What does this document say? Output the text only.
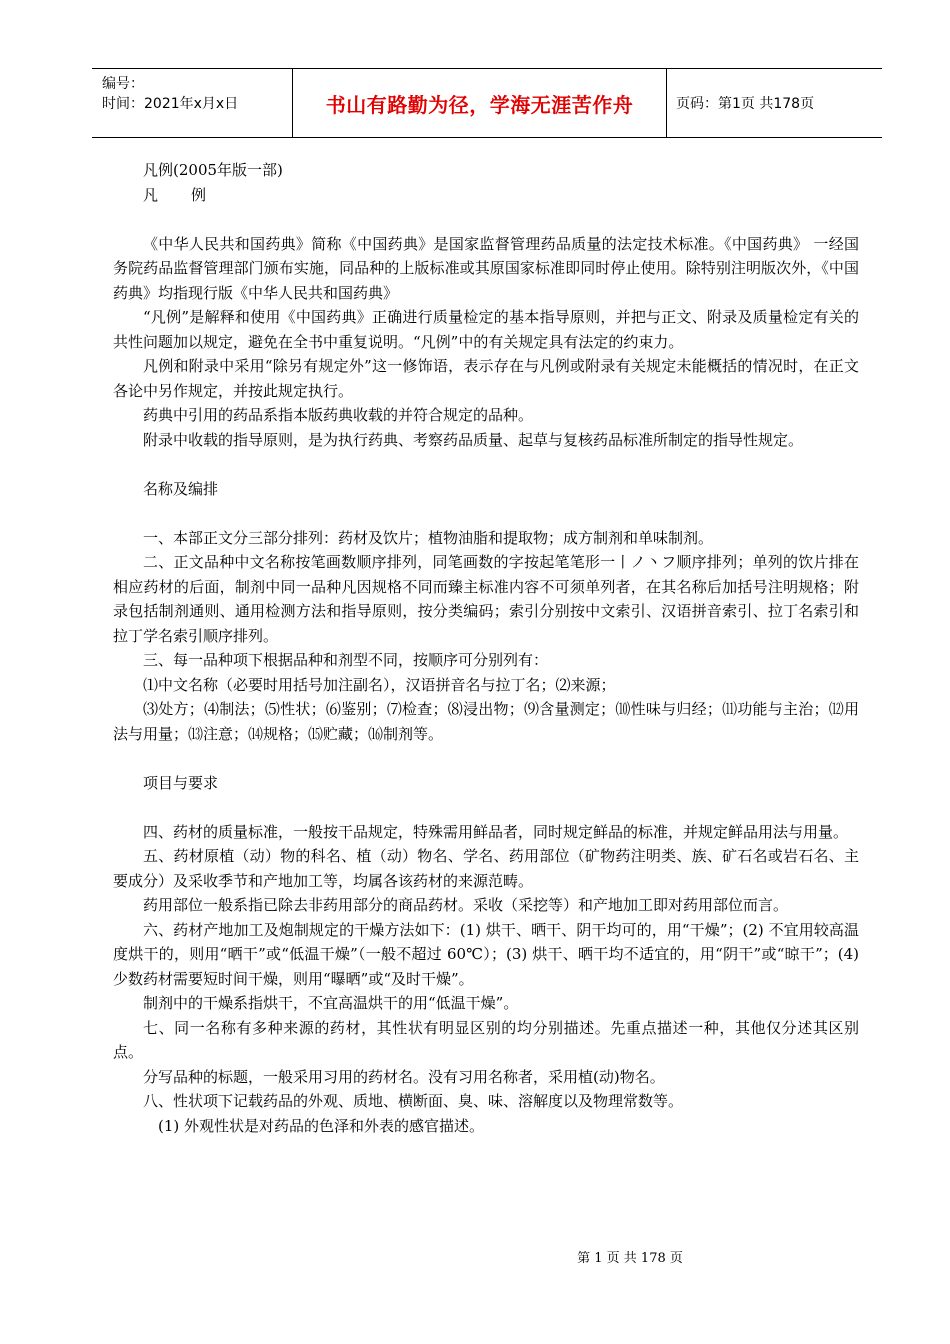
编号：
时间：2021年x月x日	书山有路勤为径，学海无涯苦作舟	页码：第1页 共178页

凡例(2005年版一部)

凡 例

《中华人民共和国药典》简称《中国药典》是国家监督管理药品质量的法定技术标准。《中国药典》 一经国务院药品监督管理部门颁布实施，同品种的上版标准或其原国家标准即同时停止使用。除特别注明版次外，《中国药典》均指现行版《中华人民共和国药典》

“凡例”是解释和使用《中国药典》正确进行质量检定的基本指导原则，并把与正文、附录及质量检定有关的共性问题加以规定，避免在全书中重复说明。“凡例”中的有关规定具有法定的约束力。

凡例和附录中采用“除另有规定外”这一修饰语，表示存在与凡例或附录有关规定未能概括的情况时，在正文各论中另作规定，并按此规定执行。

药典中引用的药品系指本版药典收载的并符合规定的品种。

附录中收载的指导原则，是为执行药典、考察药品质量、起草与复核药品标准所制定的指导性规定。

名称及编排

一、本部正文分三部分排列：药材及饮片；植物油脂和提取物；成方制剂和单味制剂。

二、正文品种中文名称按笔画数顺序排列，同笔画数的字按起笔笔形一丨ノ丶フ顺序排列；单列的饮片排在相应药材的后面，制剂中同一品种凡因规格不同而臻主标准内容不可须单列者，在其名称后加括号注明规格；附录包括制剂通则、通用检测方法和指导原则，按分类编码；索引分别按中文索引、汉语拼音索引、拉丁名索引和拉丁学名索引顺序排列。

三、每一品种项下根据品种和剂型不同，按顺序可分别列有：

⑴中文名称（必要时用括号加注副名），汉语拼音名与拉丁名；⑵来源；

⑶处方；⑷制法；⑸性状；⑹鉴别；⑺检查；⑻浸出物；⑼含量测定；⑽性味与归经；⑾功能与主治；⑿用法与用量；⒀注意；⒁规格；⒂贮藏；⒃制剂等。

项目与要求

四、药材的质量标准，一般按干品规定，特殊需用鲜品者，同时规定鲜品的标准，并规定鲜品用法与用量。

五、药材原植（动）物的科名、植（动）物名、学名、药用部位（矿物药注明类、族、矿石名或岩石名、主要成分）及采收季节和产地加工等，均属各该药材的来源范畴。

药用部位一般系指已除去非药用部分的商品药材。采收（采挖等）和产地加工即对药用部位而言。

六、药材产地加工及炮制规定的干燥方法如下：(1) 烘干、晒干、阴干均可的，用“干燥”；(2) 不宜用较高温度烘干的，则用“晒干”或“低温干燥”（一般不超过 60℃）；(3) 烘干、晒干均不适宜的，用“阴干”或“晾干”；(4) 少数药材需要短时间干燥，则用“曝晒”或“及时干燥”。

制剂中的干燥系指烘干，不宜高温烘干的用“低温干燥”。

七、同一名称有多种来源的药材，其性状有明显区别的均分别描述。先重点描述一种，其他仅分述其区别点。

分写品种的标题，一般采用习用的药材名。没有习用名称者，采用植(动)物名。

八、性状项下记载药品的外观、质地、横断面、臭、味、溶解度以及物理常数等。

(1) 外观性状是对药品的色泽和外表的感官描述。

第 1 页 共 178 页
